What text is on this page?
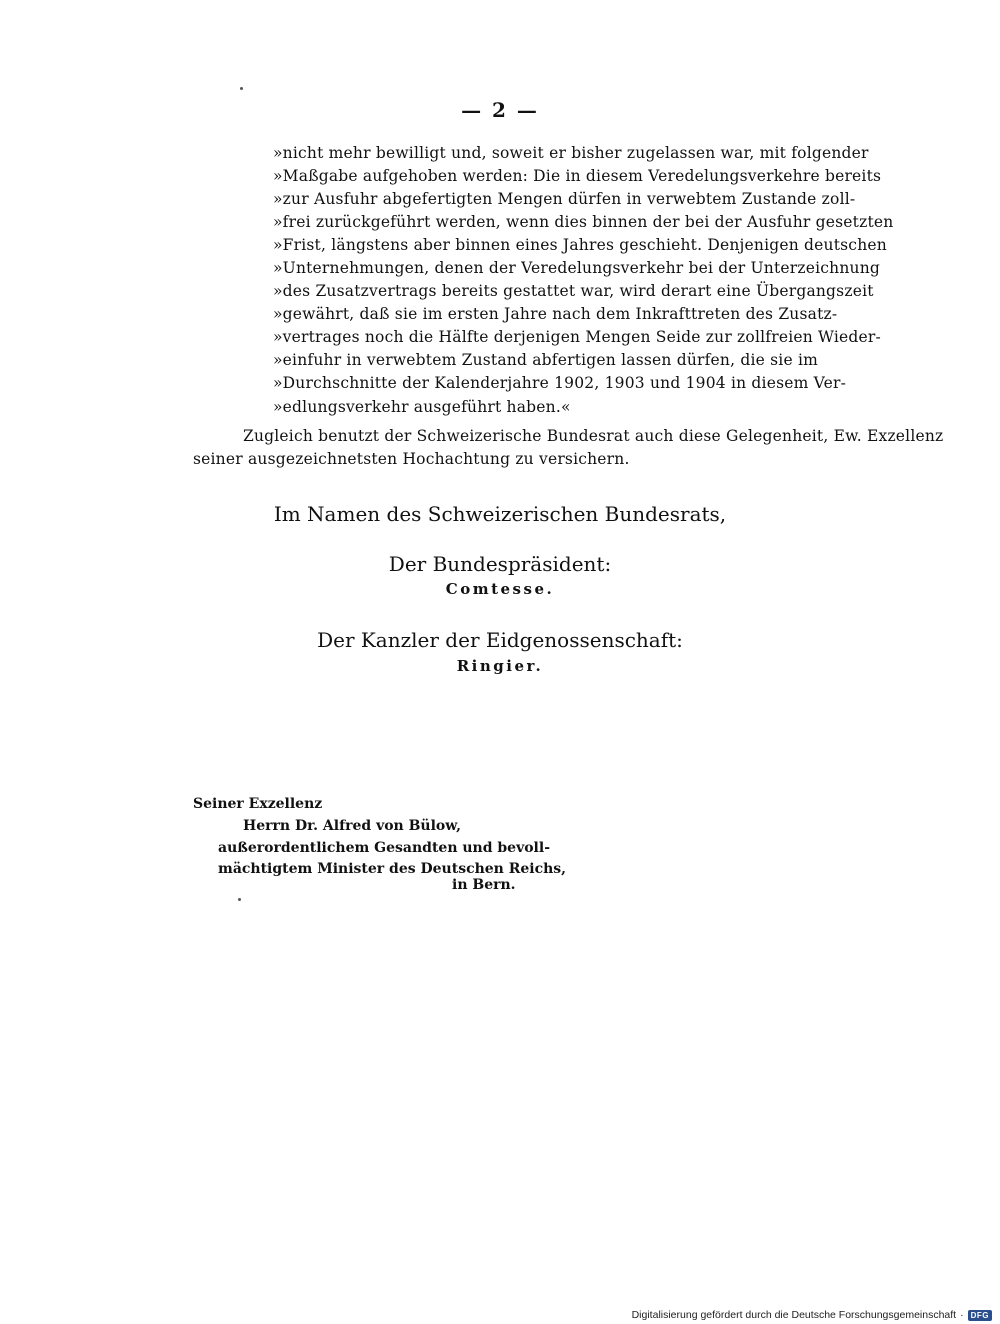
— 2 —
»nicht mehr bewilligt und, soweit er bisher zugelassen war, mit folgender
»Maßgabe aufgehoben werden: Die in diesem Veredelungsverkehre bereits
»zur Ausfuhr abgefertigten Mengen dürfen in verwebtem Zustande zoll-
»frei zurückgeführt werden, wenn dies binnen der bei der Ausfuhr gesetzten
»Frist, längstens aber binnen eines Jahres geschieht. Denjenigen deutschen
»Unternehmungen, denen der Veredelungsverkehr bei der Unterzeichnung
»des Zusatzvertrags bereits gestattet war, wird derart eine Übergangszeit
»gewährt, daß sie im ersten Jahre nach dem Inkrafttreten des Zusatz-
»vertrages noch die Hälfte derjenigen Mengen Seide zur zollfreien Wieder-
»einfuhr in verwebtem Zustand abfertigen lassen dürfen, die sie im
»Durchschnitte der Kalenderjahre 1902, 1903 und 1904 in diesem Ver-
»edlungsverkehr ausgeführt haben.«
Zugleich benutzt der Schweizerische Bundesrat auch diese Gelegenheit, Ew. Exzellenz
seiner ausgezeichnetsten Hochachtung zu versichern.
Im Namen des Schweizerischen Bundesrats,
Der Bundespräsident:
Comtesse.
Der Kanzler der Eidgenossenschaft:
Ringier.
Seiner Exzellenz
Herrn Dr. Alfred von Bülow,
außerordentlichem Gesandten und bevoll-
mächtigtem Minister des Deutschen Reichs,
in Bern.
Digitalisierung gefördert durch die Deutsche Forschungsgemeinschaft · DFG
